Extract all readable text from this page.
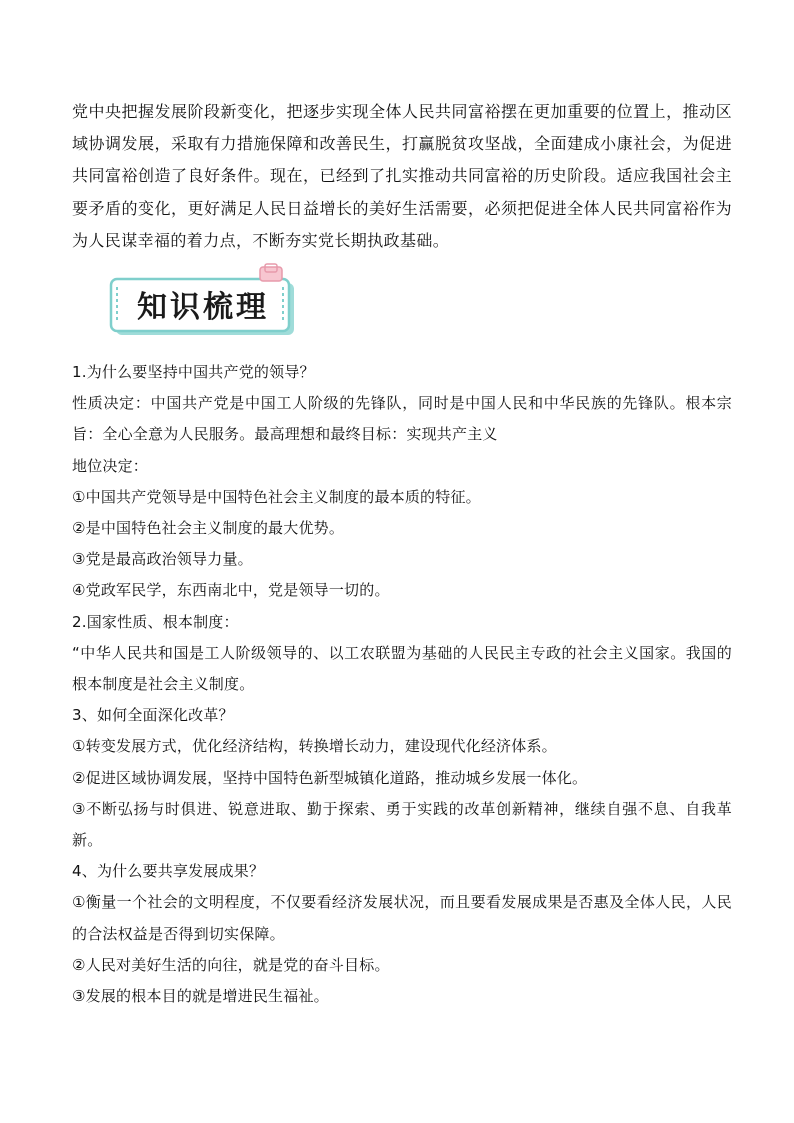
党中央把握发展阶段新变化，把逐步实现全体人民共同富裕摆在更加重要的位置上，推动区域协调发展，采取有力措施保障和改善民生，打赢脱贫攻坚战，全面建成小康社会，为促进共同富裕创造了良好条件。现在，已经到了扎实推动共同富裕的历史阶段。适应我国社会主要矛盾的变化，更好满足人民日益增长的美好生活需要，必须把促进全体人民共同富裕作为为人民谋幸福的着力点，不断夯实党长期执政基础。

知识梳理

1.为什么要坚持中国共产党的领导？

性质决定：中国共产党是中国工人阶级的先锋队，同时是中国人民和中华民族的先锋队。根本宗旨：全心全意为人民服务。最高理想和最终目标：实现共产主义

地位决定：

①中国共产党领导是中国特色社会主义制度的最本质的特征。

②是中国特色社会主义制度的最大优势。

③党是最高政治领导力量。

④党政军民学，东西南北中，党是领导一切的。

2.国家性质、根本制度：

“中华人民共和国是工人阶级领导的、以工农联盟为基础的人民民主专政的社会主义国家。我国的根本制度是社会主义制度。

3、如何全面深化改革？

①转变发展方式，优化经济结构，转换增长动力，建设现代化经济体系。

②促进区域协调发展，坚持中国特色新型城镇化道路，推动城乡发展一体化。

③不断弘扬与时俱进、锐意进取、勤于探索、勇于实践的改革创新精神，继续自强不息、自我革新。

4、为什么要共享发展成果？

①衡量一个社会的文明程度，不仅要看经济发展状况，而且要看发展成果是否惠及全体人民，人民的合法权益是否得到切实保障。

②人民对美好生活的向往，就是党的奋斗目标。

③发展的根本目的就是增进民生福祉。
